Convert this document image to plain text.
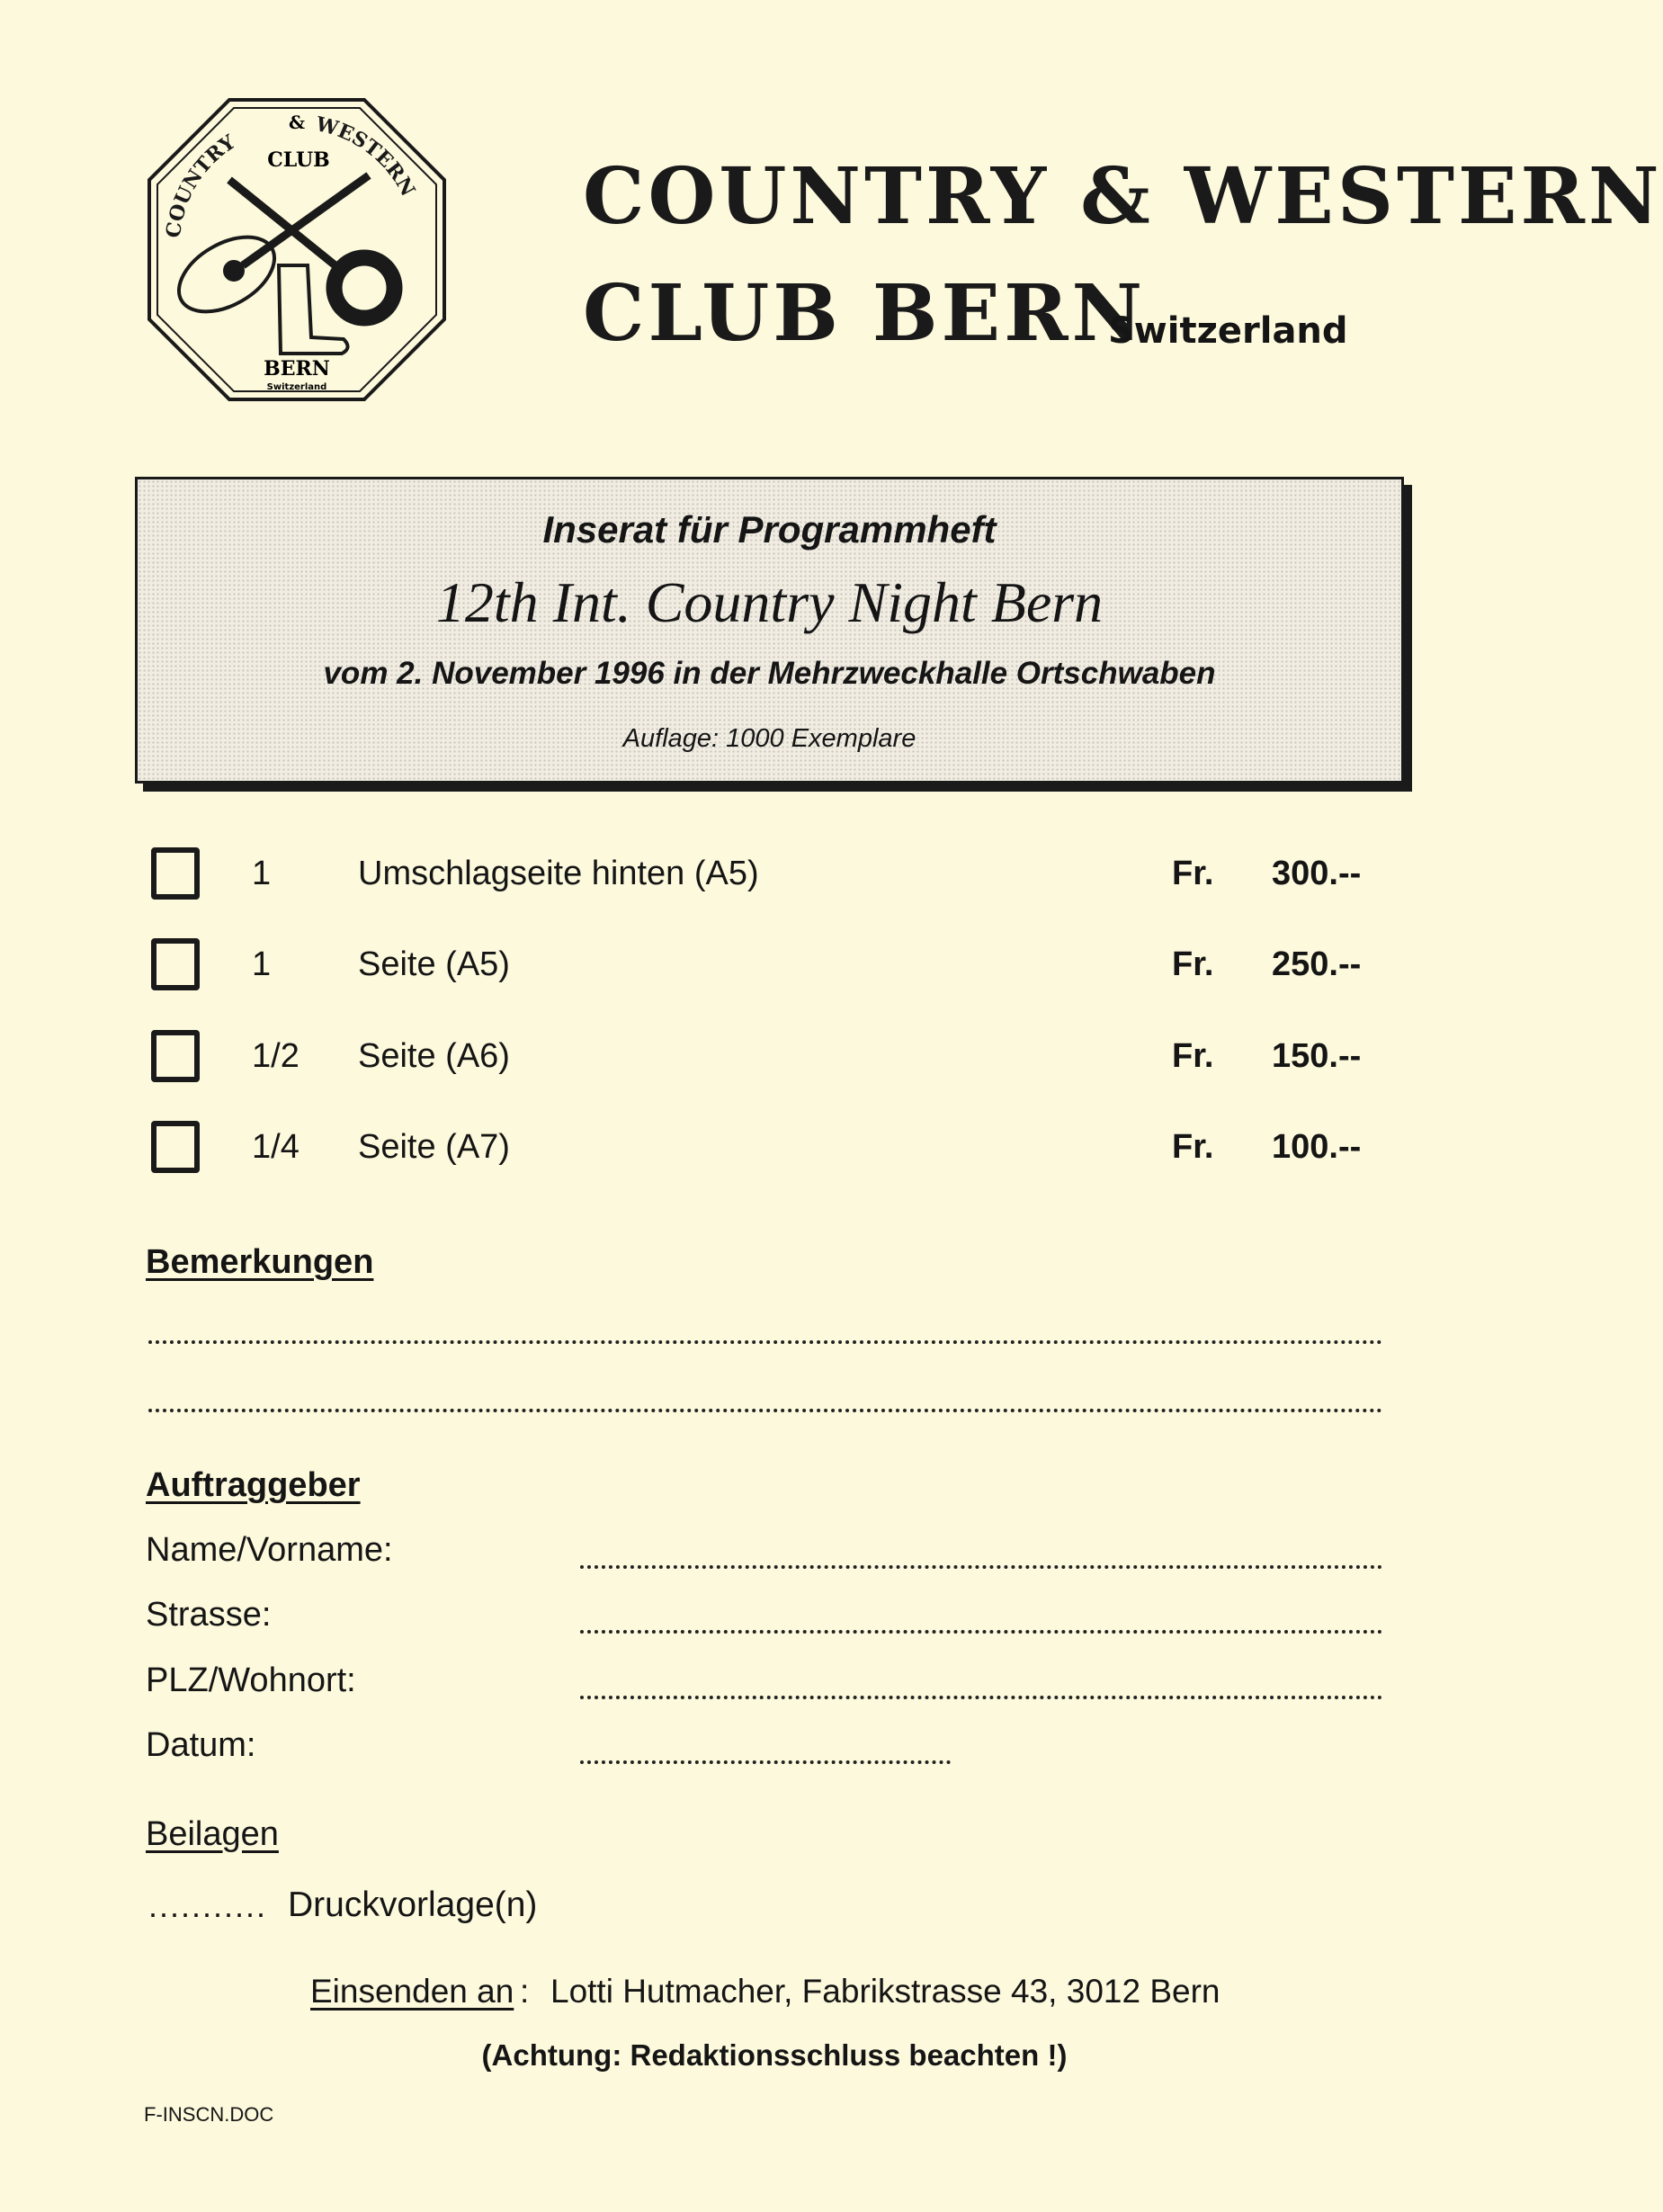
COUNTRY
WESTERN
&
CLUB
BERN
Switzerland
COUNTRY & WESTERN
CLUB BERN
Switzerland
Inserat für Programmheft
12th Int. Country Night Bern
vom 2. November 1996 in der Mehrzweckhalle Ortschwaben
Auflage: 1000 Exemplare
1	Umschlagseite hinten (A5)	Fr. 300.--
1	Seite (A5)	Fr. 250.--
1/2 Seite (A6)	Fr. 150.--
1/4 Seite (A7)	Fr. 100.--
Bemerkungen
Auftraggeber
Name/Vorname:
Strasse:
PLZ/Wohnort:
Datum:
Beilagen
........... Druckvorlage(n)
Einsenden an : Lotti Hutmacher, Fabrikstrasse 43, 3012 Bern
(Achtung: Redaktionsschluss beachten !)
F-INSCN.DOC
